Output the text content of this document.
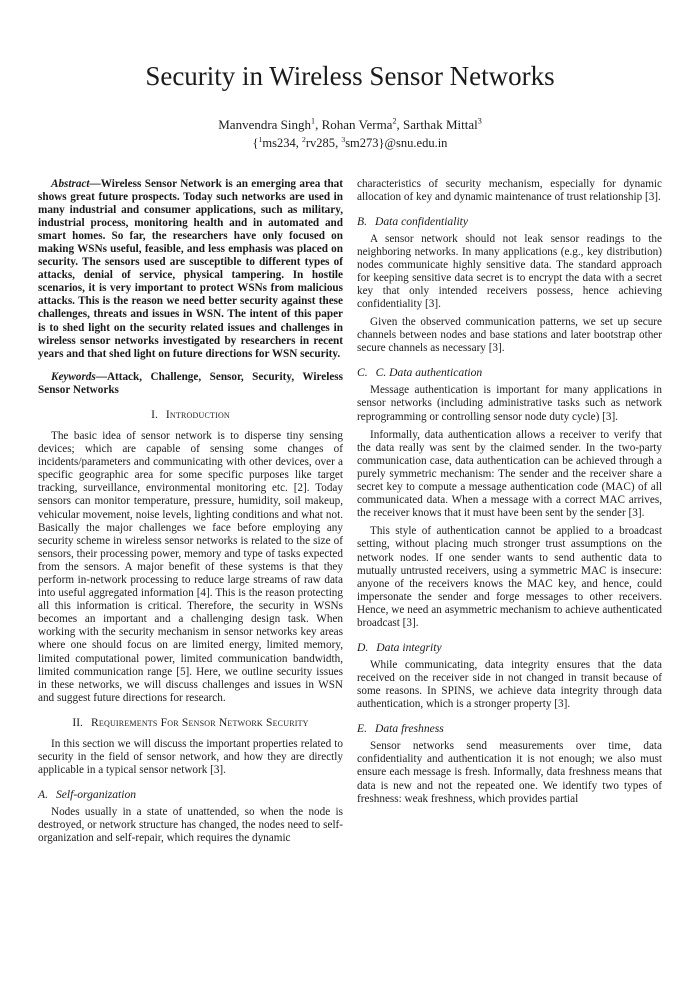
Security in Wireless Sensor Networks
Manvendra Singh$^1$, Rohan Verma$^2$, Sarthak Mittal$^3$
{$^1$ms234, $^2$rv285, $^3$sm273}@snu.edu.in

Abstract—Wireless Sensor Network is an emerging area that shows great future prospects. Today such networks are used in many industrial and consumer applications, such as military, industrial process, monitoring health and in automated and smart homes. So far, the researchers have only focused on making WSNs useful, feasible, and less emphasis was placed on security. The sensors used are susceptible to different types of attacks, denial of service, physical tampering. In hostile scenarios, it is very important to protect WSNs from malicious attacks. This is the reason we need better security against these challenges, threats and issues in WSN. The intent of this paper is to shed light on the security related issues and challenges in wireless sensor networks investigated by researchers in recent years and that shed light on future directions for WSN security.

Keywords—Attack, Challenge, Sensor, Security, Wireless Sensor Networks

I. Introduction

The basic idea of sensor network is to disperse tiny sensing devices; which are capable of sensing some changes of incidents/parameters and communicating with other devices, over a specific geographic area for some specific purposes like target tracking, surveillance, environmental monitoring etc. [2]. Today sensors can monitor temperature, pressure, humidity, soil makeup, vehicular movement, noise levels, lighting conditions and what not. Basically the major challenges we face before employing any security scheme in wireless sensor networks is related to the size of sensors, their processing power, memory and type of tasks expected from the sensors. A major benefit of these systems is that they perform in-network processing to reduce large streams of raw data into useful aggregated information [4]. This is the reason protecting all this information is critical. Therefore, the security in WSNs becomes an important and a challenging design task. When working with the security mechanism in sensor networks key areas where one should focus on are limited energy, limited memory, limited computational power, limited communication bandwidth, limited communication range [5]. Here, we outline security issues in these networks, we will discuss challenges and issues in WSN and suggest future directions for research.

II. Requirements For Sensor Network Security

In this section we will discuss the important properties related to security in the field of sensor network, and how they are directly applicable in a typical sensor network [3].

A. Self-organization

Nodes usually in a state of unattended, so when the node is destroyed, or network structure has changed, the nodes need to self-organization and self-repair, which requires the dynamic

characteristics of security mechanism, especially for dynamic allocation of key and dynamic maintenance of trust relationship [3].

B. Data confidentiality

A sensor network should not leak sensor readings to the neighboring networks. In many applications (e.g., key distribution) nodes communicate highly sensitive data. The standard approach for keeping sensitive data secret is to encrypt the data with a secret key that only intended receivers possess, hence achieving confidentiality [3].

Given the observed communication patterns, we set up secure channels between nodes and base stations and later bootstrap other secure channels as necessary [3].

C. C. Data authentication

Message authentication is important for many applications in sensor networks (including administrative tasks such as network reprogramming or controlling sensor node duty cycle) [3].

Informally, data authentication allows a receiver to verify that the data really was sent by the claimed sender. In the two-party communication case, data authentication can be achieved through a purely symmetric mechanism: The sender and the receiver share a secret key to compute a message authentication code (MAC) of all communicated data. When a message with a correct MAC arrives, the receiver knows that it must have been sent by the sender [3].

This style of authentication cannot be applied to a broadcast setting, without placing much stronger trust assumptions on the network nodes. If one sender wants to send authentic data to mutually untrusted receivers, using a symmetric MAC is insecure: anyone of the receivers knows the MAC key, and hence, could impersonate the sender and forge messages to other receivers. Hence, we need an asymmetric mechanism to achieve authenticated broadcast [3].

D. Data integrity

While communicating, data integrity ensures that the data received on the receiver side in not changed in transit because of some reasons. In SPINS, we achieve data integrity through data authentication, which is a stronger property [3].

E. Data freshness

Sensor networks send measurements over time, data confidentiality and authentication it is not enough; we also must ensure each message is fresh. Informally, data freshness means that data is new and not the repeated one. We identify two types of freshness: weak freshness, which provides partial
